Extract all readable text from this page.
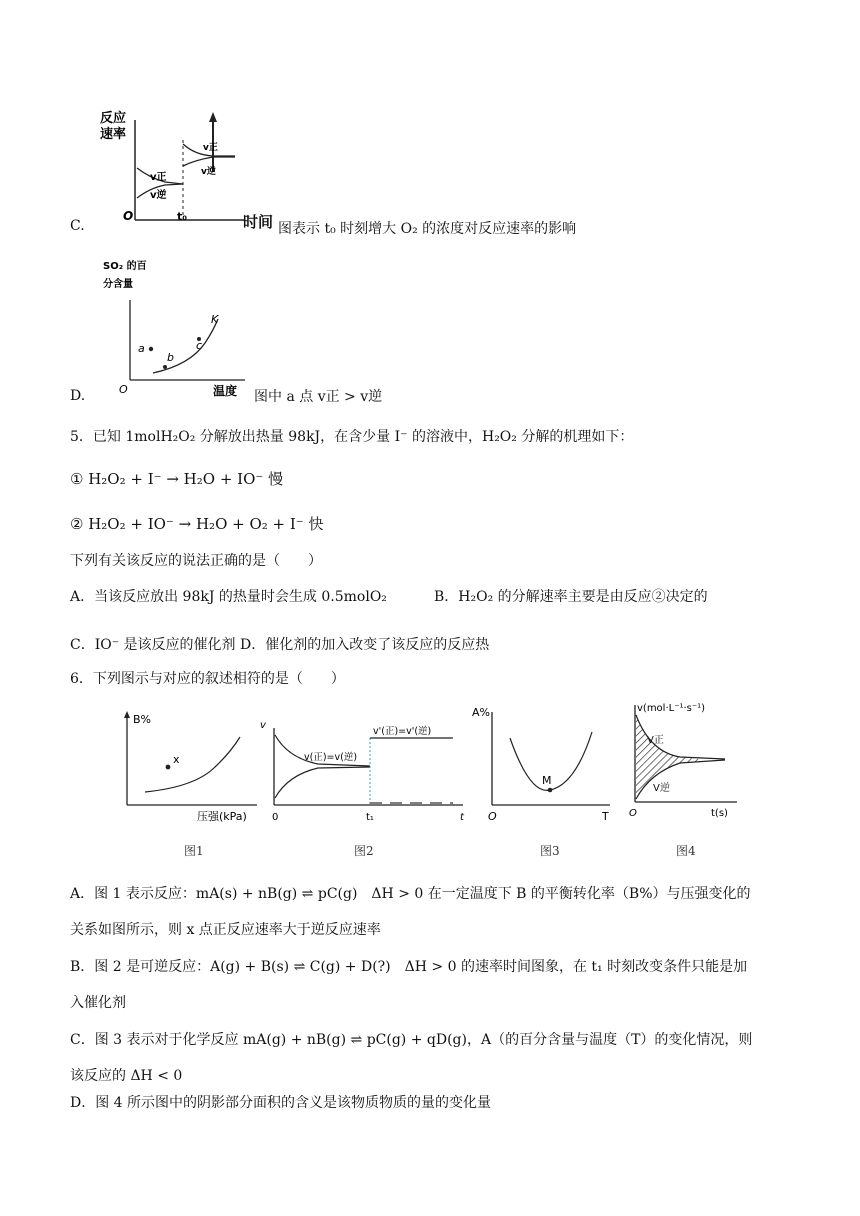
反应
速率
O	t₀
v正
v逆
v正
v逆
C.	时间 图表示 t₀ 时刻增大 O₂ 的浓度对反应速率的影响
SO₂ 的百
分含量
a
b
c
K
O	温度
D.	图中 a 点 v正 > v逆
5．已知 1molH₂O₂ 分解放出热量 98kJ，在含少量 I⁻ 的溶液中，H₂O₂ 分解的机理如下：
① H₂O₂ + I⁻ → H₂O + IO⁻ 慢
② H₂O₂ + IO⁻ → H₂O + O₂ + I⁻ 快
下列有关该反应的说法正确的是（　　）
A．当该反应放出 98kJ 的热量时会生成 0.5molO₂	B．H₂O₂ 的分解速率主要是由反应②决定的
C．IO⁻ 是该反应的催化剂 D．催化剂的加入改变了该反应的反应热
6．下列图示与对应的叙述相符的是（　　）
B%
x
压强(kPa)
图1
v
v(正)=v(逆)
v'(正)=v'(逆)
0	t₁	t
图2
A%
M
O	T
图3
v(mol·L⁻¹·s⁻¹)
V正
V逆
O	t(s)
图4
A．图 1 表示反应：mA(s) + nB(g) ⇌ pC(g)　ΔH > 0 在一定温度下 B 的平衡转化率（B%）与压强变化的
关系如图所示，则 x 点正反应速率大于逆反应速率
B．图 2 是可逆反应：A(g) + B(s) ⇌ C(g) + D(?)　ΔH > 0 的速率时间图象，在 t₁ 时刻改变条件只能是加
入催化剂
C．图 3 表示对于化学反应 mA(g) + nB(g) ⇌ pC(g) + qD(g)，A（的百分含量与温度（T）的变化情况，则
该反应的 ΔH < 0
D．图 4 所示图中的阴影部分面积的含义是该物质物质的量的变化量
